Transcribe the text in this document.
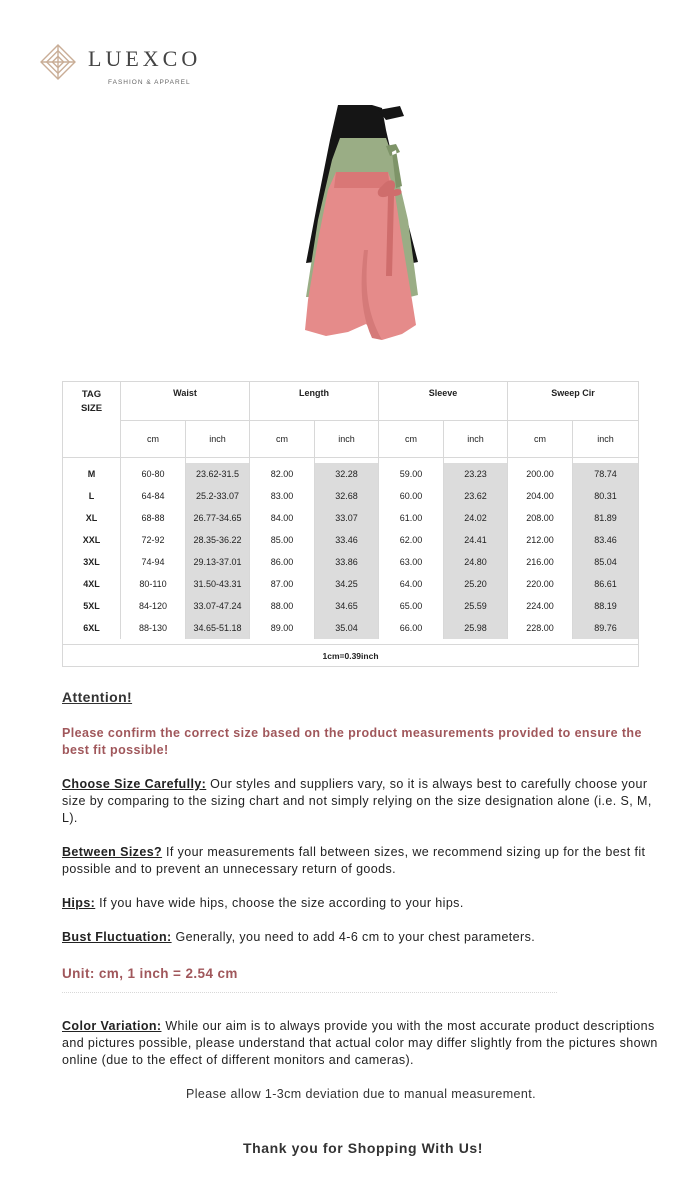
LUEXCO
FASHION & APPAREL
TAG
SIZE	Waist		Length		Sleeve		Sweep Cir	
	cm	inch	cm	inch	cm	inch	cm	inch

M	60-80	23.62-31.5	82.00	32.28	59.00	23.23	200.00	78.74
L	64-84	25.2-33.07	83.00	32.68	60.00	23.62	204.00	80.31
XL	68-88	26.77-34.65	84.00	33.07	61.00	24.02	208.00	81.89
XXL	72-92	28.35-36.22	85.00	33.46	62.00	24.41	212.00	83.46
3XL	74-94	29.13-37.01	86.00	33.86	63.00	24.80	216.00	85.04
4XL	80-110	31.50-43.31	87.00	34.25	64.00	25.20	220.00	86.61
5XL	84-120	33.07-47.24	88.00	34.65	65.00	25.59	224.00	88.19
6XL	88-130	34.65-51.18	89.00	35.04	66.00	25.98	228.00	89.76

1cm=0.39inch								
Attention!
Please confirm the correct size based on the product measurements provided to ensure the best fit possible!
Choose Size Carefully: Our styles and suppliers vary, so it is always best to carefully choose your size by comparing to the sizing chart and not simply relying on the size designation alone (i.e. S, M, L).
Between Sizes? If your measurements fall between sizes, we recommend sizing up for the best fit possible and to prevent an unnecessary return of goods.
Hips: If you have wide hips, choose the size according to your hips.
Bust Fluctuation: Generally, you need to add 4-6 cm to your chest parameters.
Unit: cm, 1 inch = 2.54 cm
Color Variation: While our aim is to always provide you with the most accurate product descriptions and pictures possible, please understand that actual color may differ slightly from the pictures shown online (due to the effect of different monitors and cameras).
Please allow 1-3cm deviation due to manual measurement.
Thank you for Shopping With Us!
